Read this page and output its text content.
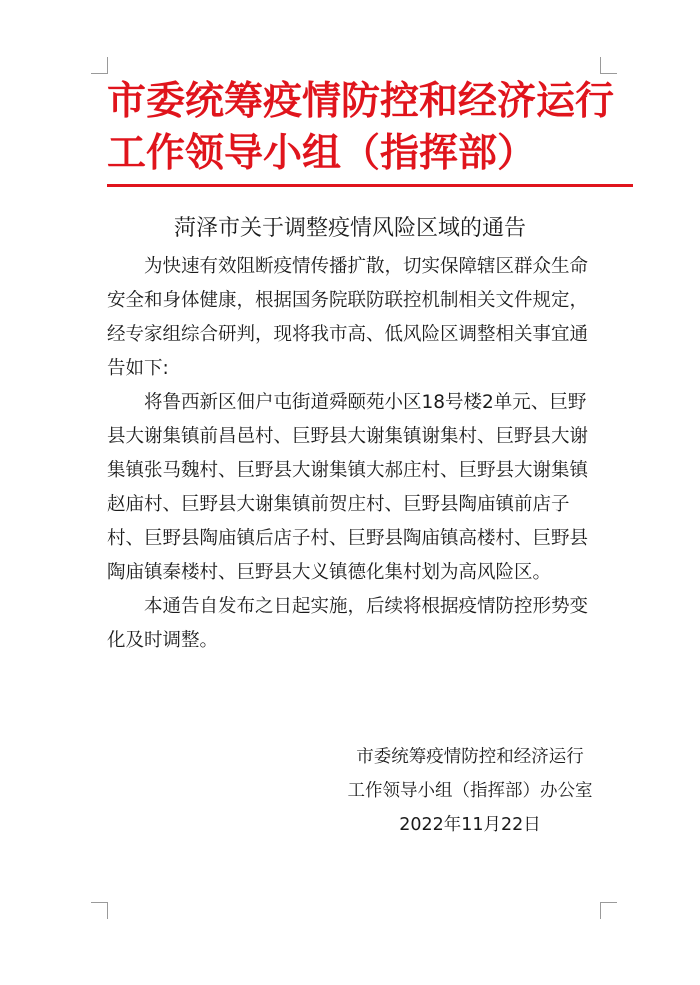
市委统筹疫情防控和经济运行
工作领导小组（指挥部）
菏泽市关于调整疫情风险区域的通告

为快速有效阻断疫情传播扩散，切实保障辖区群众生命安全和身体健康，根据国务院联防联控机制相关文件规定，经专家组综合研判，现将我市高、低风险区调整相关事宜通告如下:

将鲁西新区佃户屯街道舜颐苑小区18号楼2单元、巨野县大谢集镇前昌邑村、巨野县大谢集镇谢集村、巨野县大谢集镇张马魏村、巨野县大谢集镇大郝庄村、巨野县大谢集镇赵庙村、巨野县大谢集镇前贺庄村、巨野县陶庙镇前店子村、巨野县陶庙镇后店子村、巨野县陶庙镇高楼村、巨野县陶庙镇秦楼村、巨野县大义镇德化集村划为高风险区。

本通告自发布之日起实施，后续将根据疫情防控形势变化及时调整。

市委统筹疫情防控和经济运行
工作领导小组（指挥部）办公室
2022年11月22日
